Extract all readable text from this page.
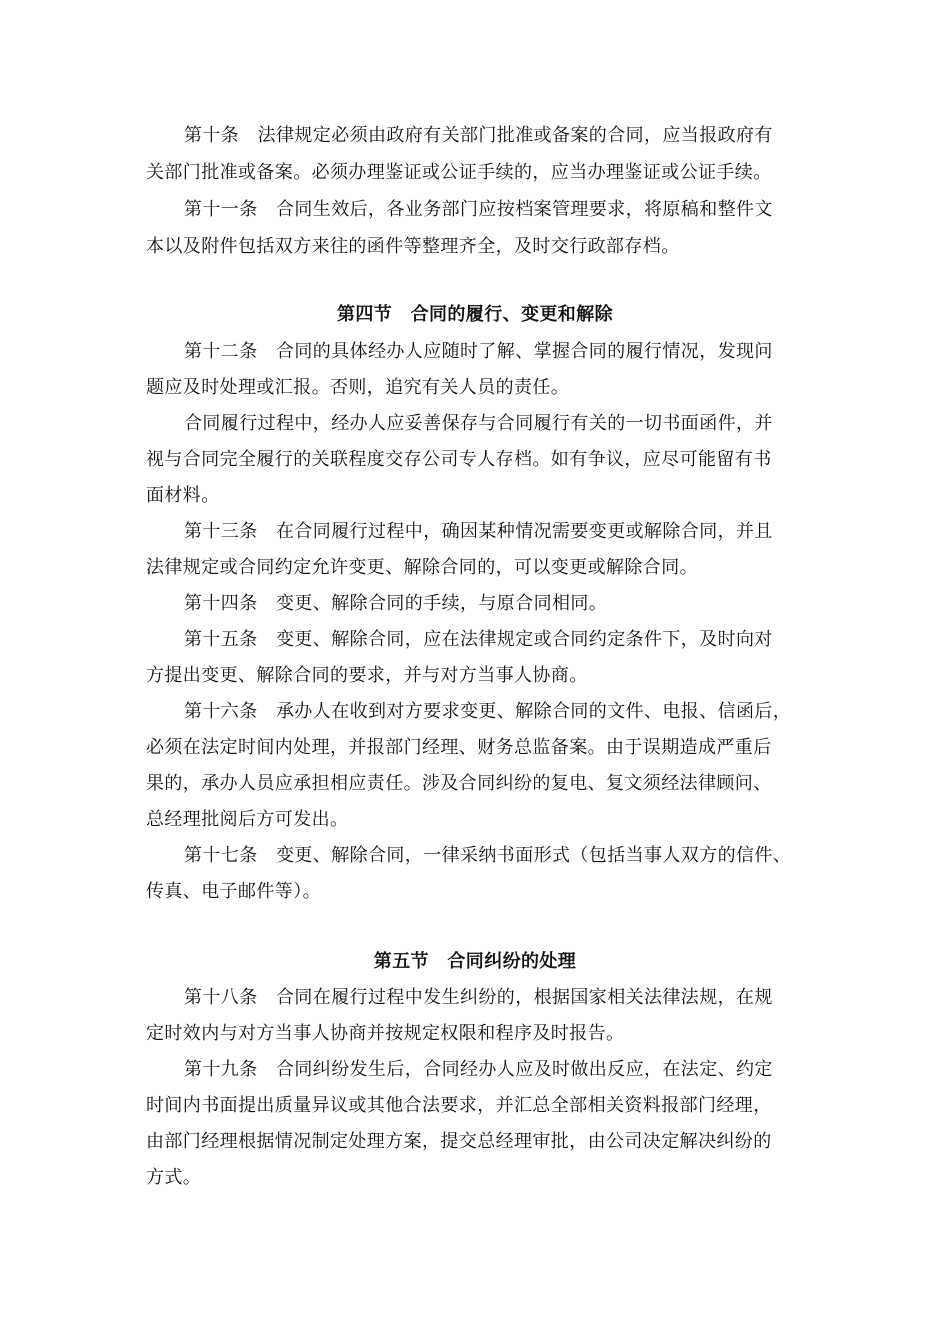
第十条　法律规定必须由政府有关部门批准或备案的合同，应当报政府有
关部门批准或备案。必须办理鉴证或公证手续的，应当办理鉴证或公证手续。
第十一条　合同生效后，各业务部门应按档案管理要求，将原稿和整件文
本以及附件包括双方来往的函件等整理齐全，及时交行政部存档。
第四节　合同的履行、变更和解除
第十二条　合同的具体经办人应随时了解、掌握合同的履行情况，发现问
题应及时处理或汇报。否则，追究有关人员的责任。
合同履行过程中，经办人应妥善保存与合同履行有关的一切书面函件，并
视与合同完全履行的关联程度交存公司专人存档。如有争议，应尽可能留有书
面材料。
第十三条　在合同履行过程中，确因某种情况需要变更或解除合同，并且
法律规定或合同约定允许变更、解除合同的，可以变更或解除合同。
第十四条　变更、解除合同的手续，与原合同相同。
第十五条　变更、解除合同，应在法律规定或合同约定条件下，及时向对
方提出变更、解除合同的要求，并与对方当事人协商。
第十六条　承办人在收到对方要求变更、解除合同的文件、电报、信函后，
必须在法定时间内处理，并报部门经理、财务总监备案。由于误期造成严重后
果的，承办人员应承担相应责任。涉及合同纠纷的复电、复文须经法律顾问、
总经理批阅后方可发出。
第十七条　变更、解除合同，一律采纳书面形式（包括当事人双方的信件、
传真、电子邮件等）。
第五节　合同纠纷的处理
第十八条　合同在履行过程中发生纠纷的，根据国家相关法律法规，在规
定时效内与对方当事人协商并按规定权限和程序及时报告。
第十九条　合同纠纷发生后，合同经办人应及时做出反应，在法定、约定
时间内书面提出质量异议或其他合法要求，并汇总全部相关资料报部门经理，
由部门经理根据情况制定处理方案，提交总经理审批，由公司决定解决纠纷的
方式。
